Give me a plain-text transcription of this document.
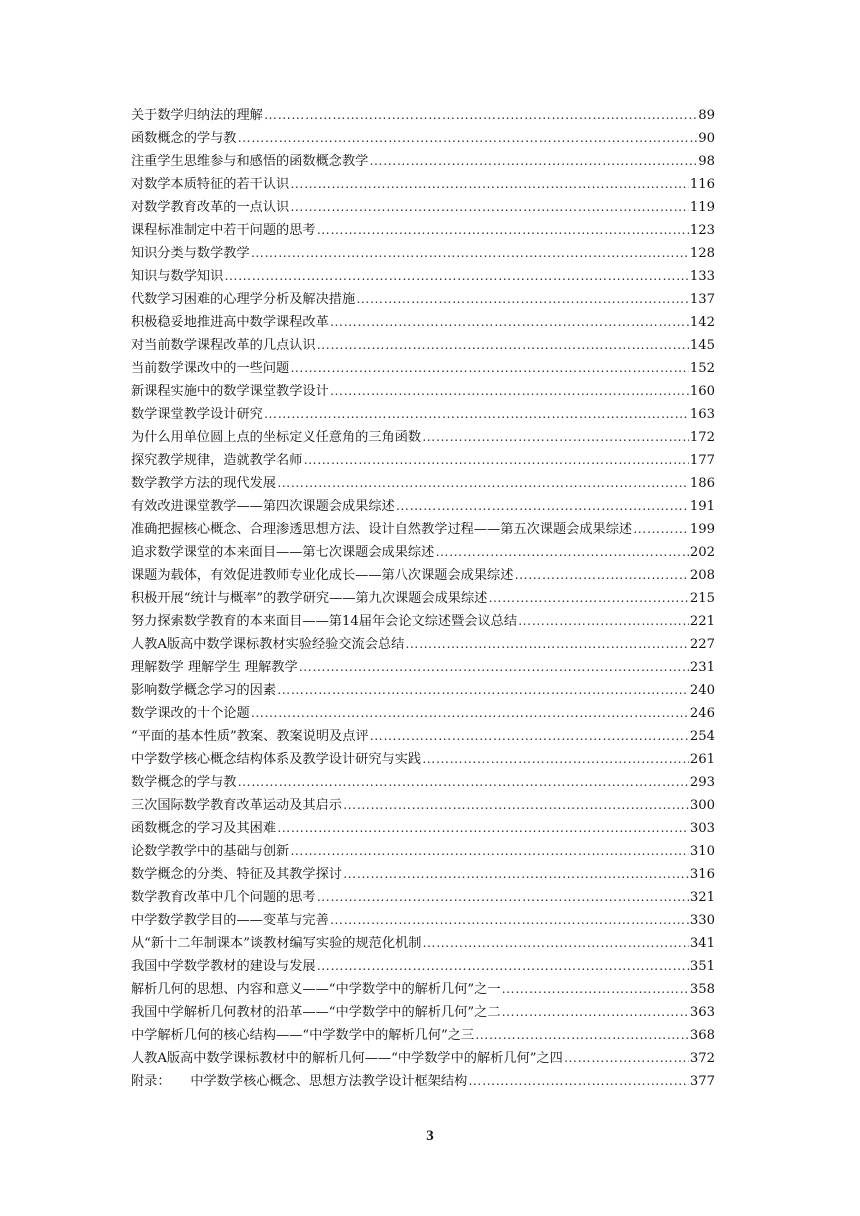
关于数学归纳法的理解 ………………………………………………………………………………………………………………………………………………………………………………………………………………………………	89
函数概念的学与教 ………………………………………………………………………………………………………………………………………………………………………………………………………………………………	90
注重学生思维参与和感悟的函数概念教学 ………………………………………………………………………………………………………………………………………………………………………………………………………………………………	98
对数学本质特征的若干认识 ………………………………………………………………………………………………………………………………………………………………………………………………………………………………	116
对数学教育改革的一点认识 ………………………………………………………………………………………………………………………………………………………………………………………………………………………………	119
课程标准制定中若干问题的思考 ………………………………………………………………………………………………………………………………………………………………………………………………………………………………	123
知识分类与数学教学 ………………………………………………………………………………………………………………………………………………………………………………………………………………………………	128
知识与数学知识 ………………………………………………………………………………………………………………………………………………………………………………………………………………………………	133
代数学习困难的心理学分析及解决措施 ………………………………………………………………………………………………………………………………………………………………………………………………………………………………	137
积极稳妥地推进高中数学课程改革 ………………………………………………………………………………………………………………………………………………………………………………………………………………………………	142
对当前数学课程改革的几点认识 ………………………………………………………………………………………………………………………………………………………………………………………………………………………………	145
当前数学课改中的一些问题 ………………………………………………………………………………………………………………………………………………………………………………………………………………………………	152
新课程实施中的数学课堂教学设计 ………………………………………………………………………………………………………………………………………………………………………………………………………………………………	160
数学课堂教学设计研究 ………………………………………………………………………………………………………………………………………………………………………………………………………………………………	163
为什么用单位圆上点的坐标定义任意角的三角函数 ………………………………………………………………………………………………………………………………………………………………………………………………………………………………	172
探究教学规律，造就教学名师 ………………………………………………………………………………………………………………………………………………………………………………………………………………………………	177
数学教学方法的现代发展 ………………………………………………………………………………………………………………………………………………………………………………………………………………………………	186
有效改进课堂教学——第四次课题会成果综述 ………………………………………………………………………………………………………………………………………………………………………………………………………………………………	191
准确把握核心概念、合理渗透思想方法、设计自然教学过程——第五次课题会成果综述 ………………………………………………………………………………………………………………………………………………………………………………………………………………………………	199
追求数学课堂的本来面目——第七次课题会成果综述 ………………………………………………………………………………………………………………………………………………………………………………………………………………………………	202
课题为载体，有效促进教师专业化成长——第八次课题会成果综述 ………………………………………………………………………………………………………………………………………………………………………………………………………………………………	208
积极开展“统计与概率”的教学研究——第九次课题会成果综述 ………………………………………………………………………………………………………………………………………………………………………………………………………………………………	215
努力探索数学教育的本来面目——第14届年会论文综述暨会议总结 ………………………………………………………………………………………………………………………………………………………………………………………………………………………………	221
人教A版高中数学课标教材实验经验交流会总结 ………………………………………………………………………………………………………………………………………………………………………………………………………………………………	227
理解数学 理解学生 理解教学 ………………………………………………………………………………………………………………………………………………………………………………………………………………………………	231
影响数学概念学习的因素 ………………………………………………………………………………………………………………………………………………………………………………………………………………………………	240
数学课改的十个论题 ………………………………………………………………………………………………………………………………………………………………………………………………………………………………	246
“平面的基本性质”教案、教案说明及点评 ………………………………………………………………………………………………………………………………………………………………………………………………………………………………	254
中学数学核心概念结构体系及教学设计研究与实践 ………………………………………………………………………………………………………………………………………………………………………………………………………………………………	261
数学概念的学与教 ………………………………………………………………………………………………………………………………………………………………………………………………………………………………	293
三次国际数学教育改革运动及其启示 ………………………………………………………………………………………………………………………………………………………………………………………………………………………………	300
函数概念的学习及其困难 ………………………………………………………………………………………………………………………………………………………………………………………………………………………………	303
论数学教学中的基础与创新 ………………………………………………………………………………………………………………………………………………………………………………………………………………………………	310
数学概念的分类、特征及其教学探讨 ………………………………………………………………………………………………………………………………………………………………………………………………………………………………	316
数学教育改革中几个问题的思考 ………………………………………………………………………………………………………………………………………………………………………………………………………………………………	321
中学数学教学目的——变革与完善 ………………………………………………………………………………………………………………………………………………………………………………………………………………………………	330
从“新十二年制课本”谈教材编写实验的规范化机制 ………………………………………………………………………………………………………………………………………………………………………………………………………………………………	341
我国中学数学教材的建设与发展 ………………………………………………………………………………………………………………………………………………………………………………………………………………………………	351
解析几何的思想、内容和意义——“中学数学中的解析几何”之一 ………………………………………………………………………………………………………………………………………………………………………………………………………………………………	358
我国中学解析几何教材的沿革——“中学数学中的解析几何”之二 ………………………………………………………………………………………………………………………………………………………………………………………………………………………………	363
中学解析几何的核心结构——“中学数学中的解析几何”之三 ………………………………………………………………………………………………………………………………………………………………………………………………………………………………	368
人教A版高中数学课标教材中的解析几何——“中学数学中的解析几何”之四 ………………………………………………………………………………………………………………………………………………………………………………………………………………………………	372
附录：　　中学数学核心概念、思想方法教学设计框架结构 ………………………………………………………………………………………………………………………………………………………………………………………………………………………………	377
3
